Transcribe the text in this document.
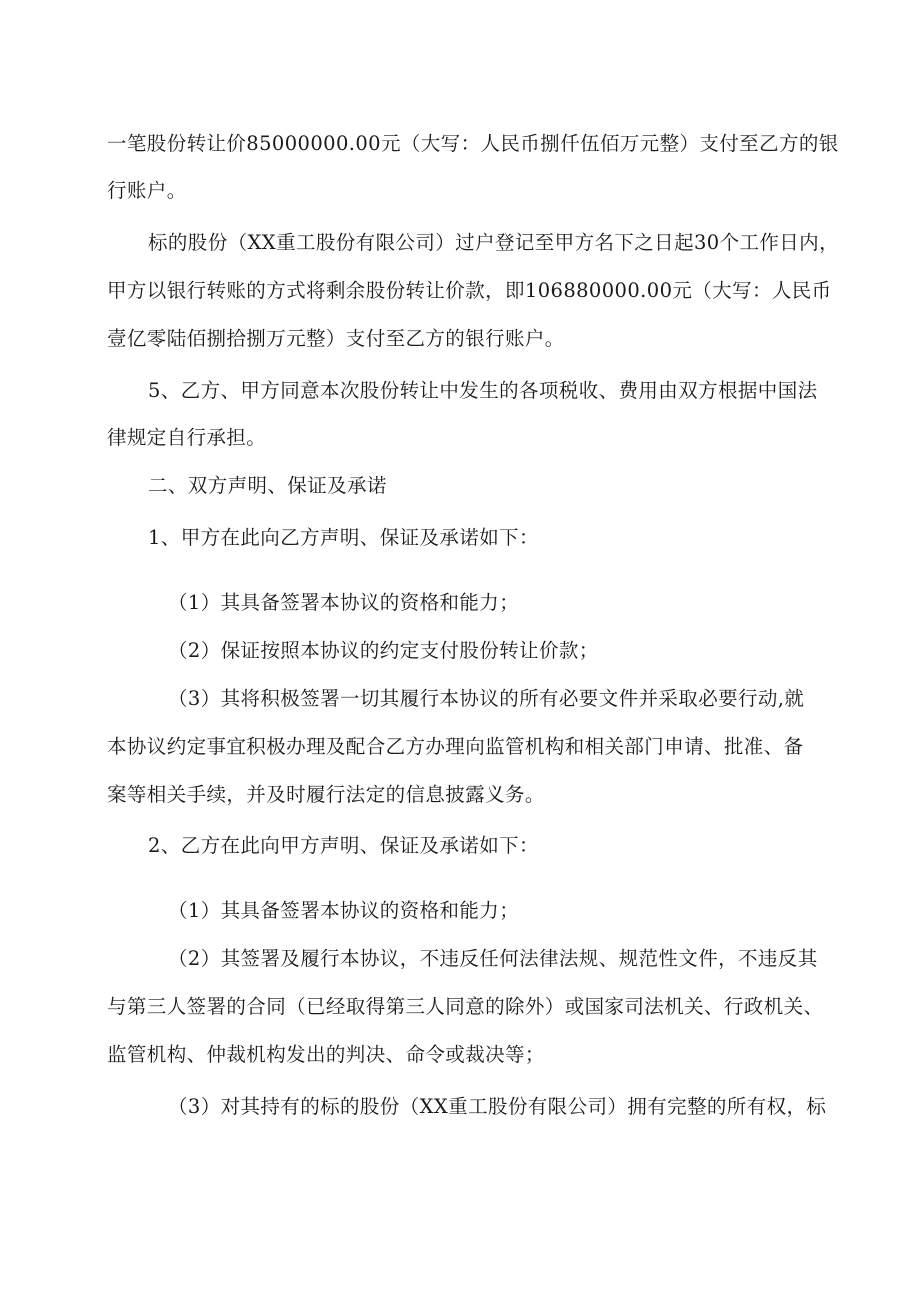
一笔股份转让价85000000.00元（大写：人民币捌仟伍佰万元整）支付至乙方的银
行账户。
标的股份（XX重工股份有限公司）过户登记至甲方名下之日起30个工作日内，
甲方以银行转账的方式将剩余股份转让价款，即106880000.00元（大写：人民币
壹亿零陆佰捌拾捌万元整）支付至乙方的银行账户。
5、乙方、甲方同意本次股份转让中发生的各项税收、费用由双方根据中国法
律规定自行承担。
二、双方声明、保证及承诺
1、甲方在此向乙方声明、保证及承诺如下：
（1）其具备签署本协议的资格和能力；
（2）保证按照本协议的约定支付股份转让价款；
（3）其将积极签署一切其履行本协议的所有必要文件并采取必要行动,就
本协议约定事宜积极办理及配合乙方办理向监管机构和相关部门申请、批准、备
案等相关手续，并及时履行法定的信息披露义务。
2、乙方在此向甲方声明、保证及承诺如下：
（1）其具备签署本协议的资格和能力；
（2）其签署及履行本协议，不违反任何法律法规、规范性文件，不违反其
与第三人签署的合同（已经取得第三人同意的除外）或国家司法机关、行政机关、
监管机构、仲裁机构发出的判决、命令或裁决等；
（3）对其持有的标的股份（XX重工股份有限公司）拥有完整的所有权，标
